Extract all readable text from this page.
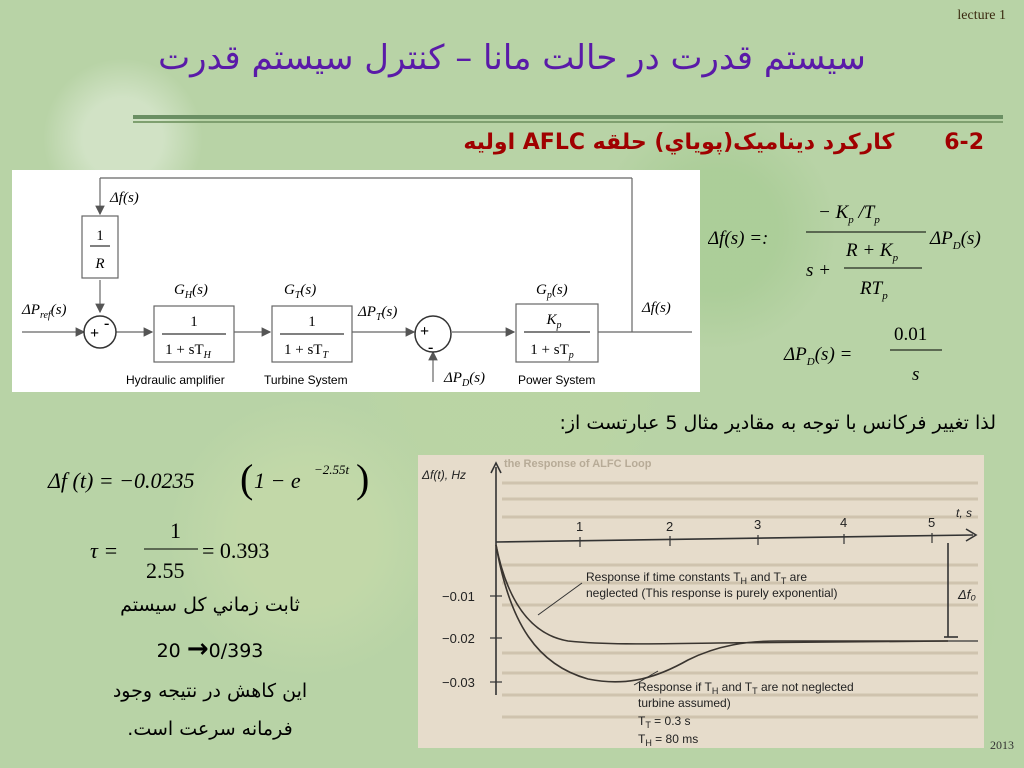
lecture 1
سیستم قدرت در حالت مانا – کنترل سیستم قدرت
6-2کارکرد دینامیک(پوياي) حلقه AFLC اولیه
1
R
Δf(s)
+
-
$\Delta P_{ref}(s)$
$G_H(s)$
1
$1 + sT_H$
Hydraulic amplifier
$G_T(s)$
1
$1 + sT_T$
Turbine System
$\Delta P_T(s)$
+
-
$\Delta P_D(s)$
$G_p(s)$
$K_p$
$1 + sT_p$
Power System
Δf(s)
Δf(s) =:
− $K_p$ $/T_p$
s +
$R + K_p$
$RT_p$
$\Delta P_D(s)$
$\Delta P_D(s)$ =
0.01
s
لذا تغییر فرکانس با توجه به مقادیر مثال 5 عبارتست از:
Δf (t) = −0.0235 ( 1 − e −2.55t )
τ =
1
2.55
= 0.393
ثابت زماني کل سیستم
20 →0/393
این کاهش در نتیجه وجود
فرمانه سرعت است.
the Response of ALFC Loop
Δf(t), Hz
t, s
1	2	3	4	5
−0.01
−0.02
−0.03
Δf₀
Response if time constants $T_H$ and $T_T$ are
neglected (This response is purely exponential)
Response if $T_H$ and $T_T$ are not neglected
turbine assumed)
$T_T = 0.3$ s
$T_H = 80$ ms	2013
